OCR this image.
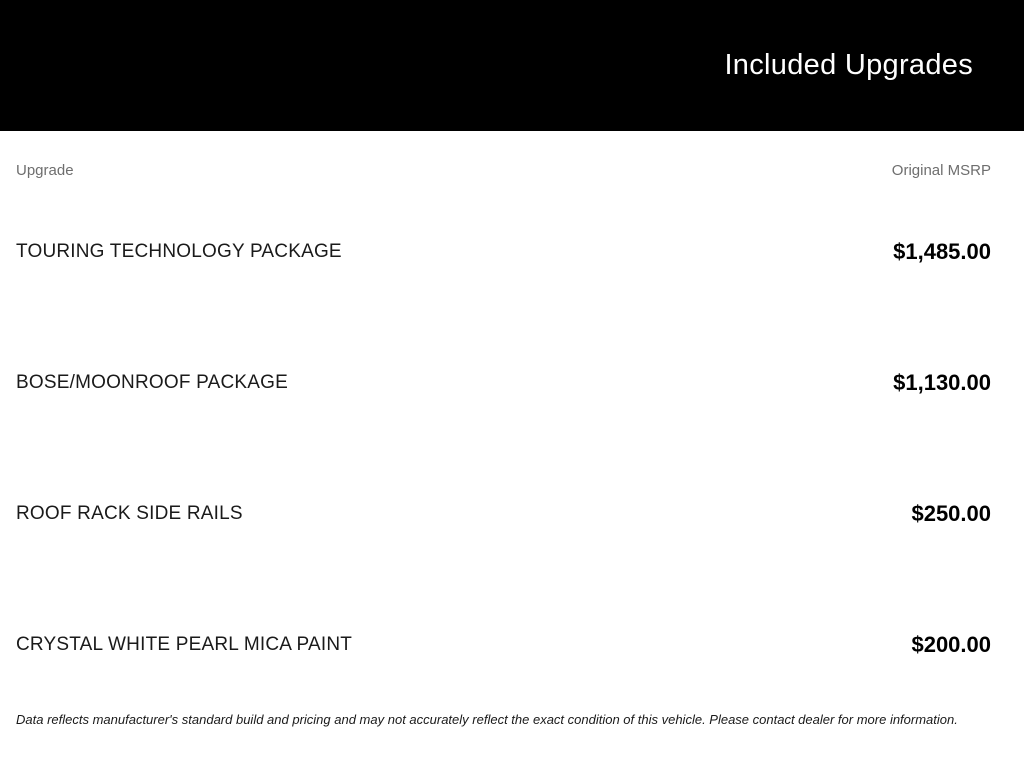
Included Upgrades
Upgrade	Original MSRP
TOURING TECHNOLOGY PACKAGE	$1,485.00
BOSE/MOONROOF PACKAGE	$1,130.00
ROOF RACK SIDE RAILS	$250.00
CRYSTAL WHITE PEARL MICA PAINT	$200.00

Data reflects manufacturer's standard build and pricing and may not accurately reflect the exact condition of this vehicle. Please contact dealer for more information.
